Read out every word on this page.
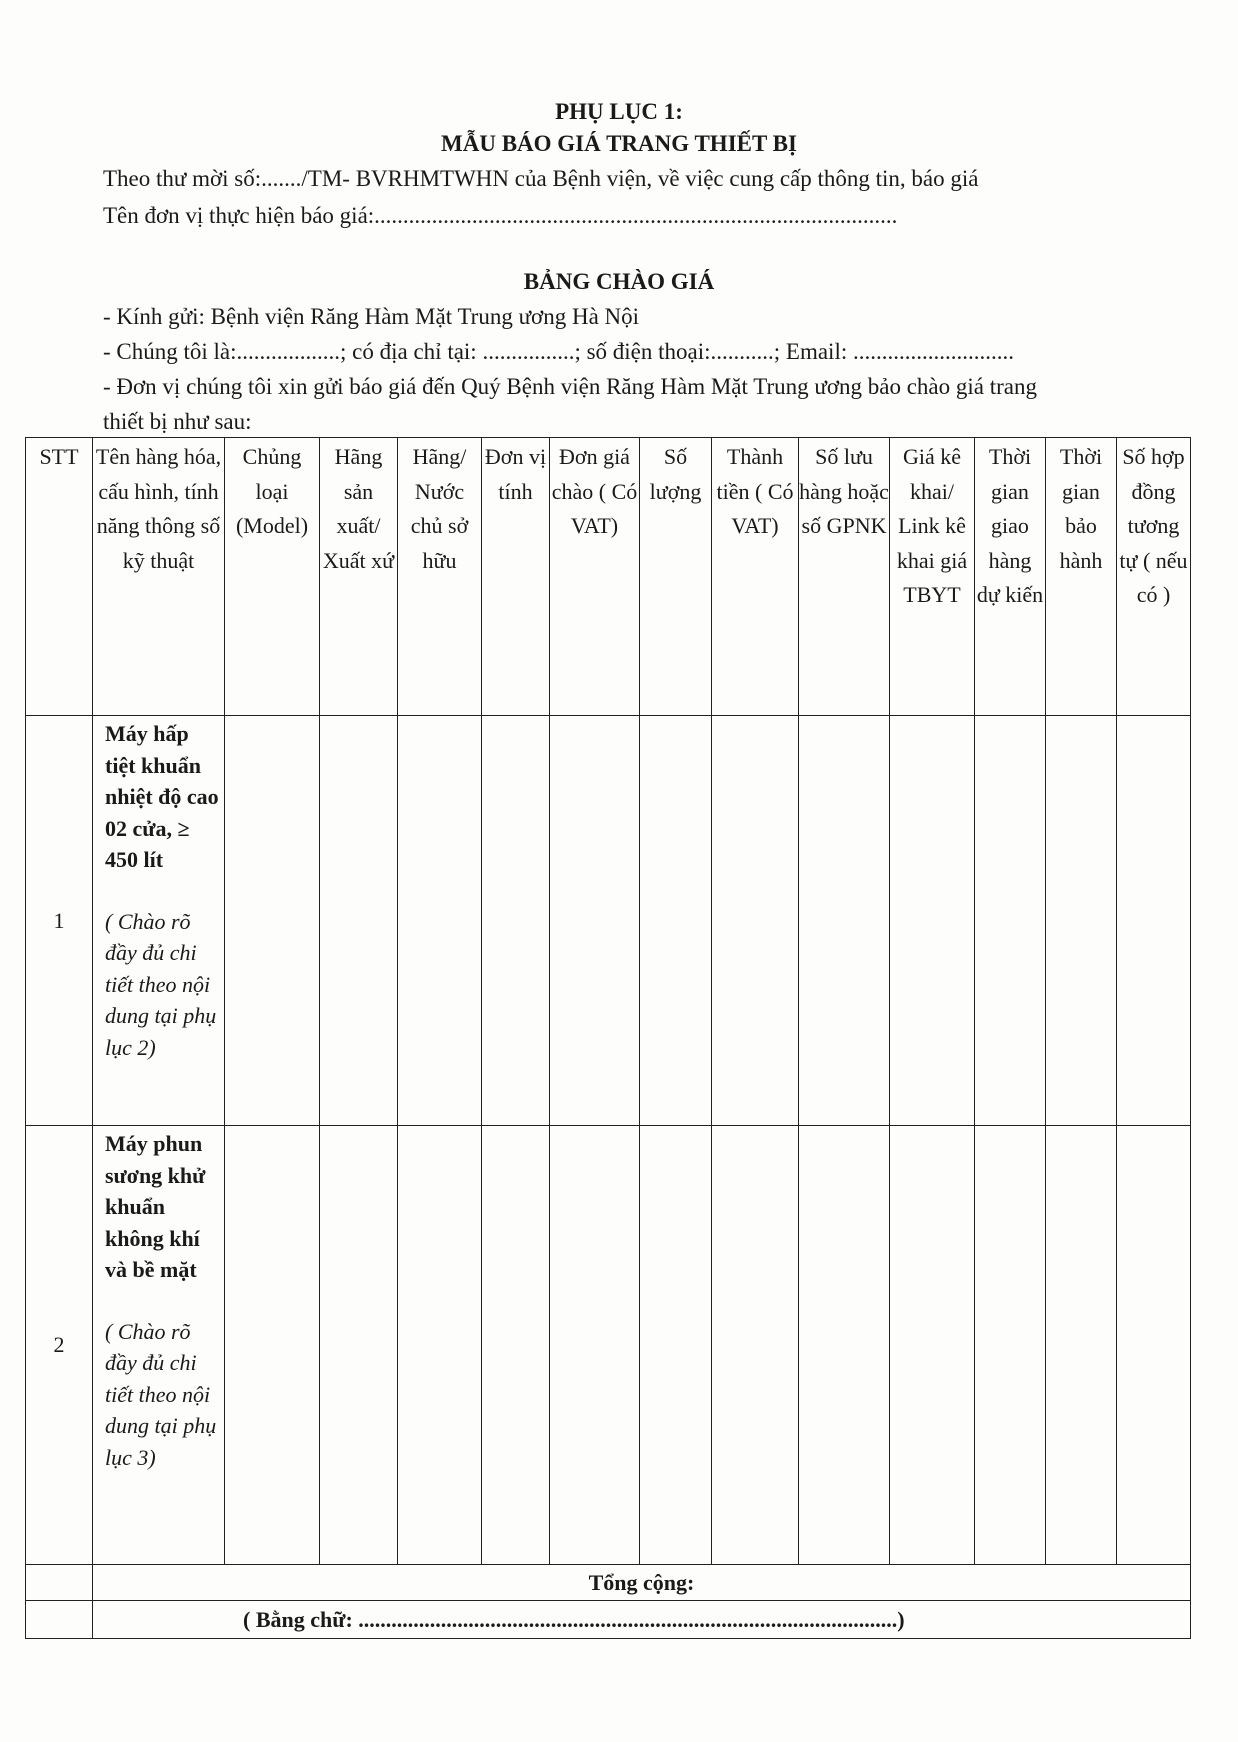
PHỤ LỤC 1:
MẪU BÁO GIÁ TRANG THIẾT BỊ
Theo thư mời số:......./TM- BVRHMTWHN của Bệnh viện, về việc cung cấp thông tin, báo giá
Tên đơn vị thực hiện báo giá:...........................................................................................
BẢNG CHÀO GIÁ
- Kính gửi: Bệnh viện Răng Hàm Mặt Trung ương Hà Nội
- Chúng tôi là:..................; có địa chỉ tại: ................; số điện thoại:...........; Email: ............................
- Đơn vị chúng tôi xin gửi báo giá đến Quý Bệnh viện Răng Hàm Mặt Trung ương bảo chào giá trang
thiết bị như sau:
STT	Tên hàng hóa, cấu hình, tính năng thông số kỹ thuật	Chủng loại (Model)	Hãng sản xuất/ Xuất xứ	Hãng/ Nước chủ sở hữu	Đơn vị tính	Đơn giá chào ( Có VAT)	Số lượng	Thành tiền ( Có VAT)	Số lưu hàng hoặc số GPNK	Giá kê khai/ Link kê khai giá TBYT	Thời gian giao hàng dự kiến	Thời gian bảo hành	Số hợp đồng tương tự ( nếu có )
1	Máy hấp tiệt khuẩn nhiệt độ cao 02 cửa, ≥ 450 lít
( Chào rõ đầy đủ chi tiết theo nội dung tại phụ lục 2)												

2	Máy phun sương khử khuẩn không khí và bề mặt
( Chào rõ đầy đủ chi tiết theo nội dung tại phụ lục 3)												

	Tổng cộng:												
	( Bằng chữ: ..................................................................................................)												
